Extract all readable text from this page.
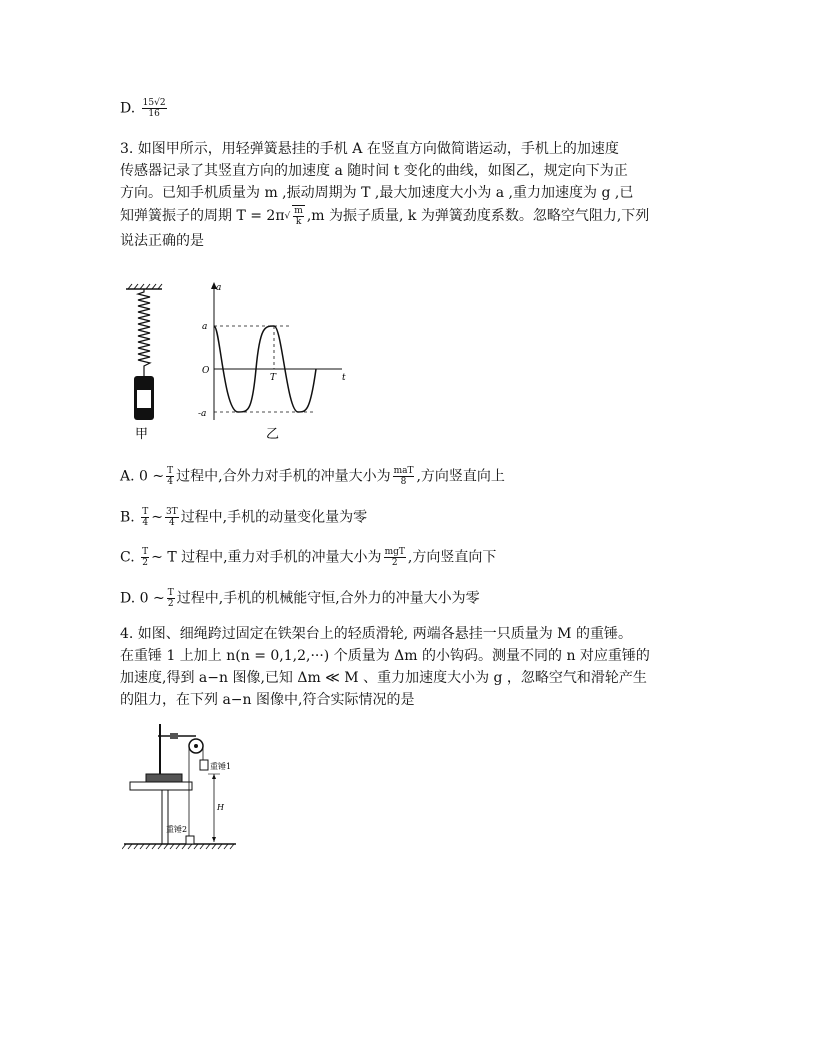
D. $\frac{15√2}{16}$
3. 如图甲所示，用轻弹簧悬挂的手机 A 在竖直方向做简谐运动，手机上的加速度
传感器记录了其竖直方向的加速度 a 随时间 t 变化的曲线，如图乙，规定向下为正
方向。已知手机质量为 m ,振动周期为 T ,最大加速度大小为 a ,重力加速度为 g ,已
知弹簧振子的周期 $T = 2\pi√ \frac{m}{k} ,m$ 为振子质量, k 为弹簧劲度系数。忽略空气阻力,下列
说法正确的是
甲
a
t
a
O
-a
T
乙
A. 0 ~ $\frac{T}{4}$ 过程中,合外力对手机的冲量大小为 $\frac{\text{maT}}{8}$ ,方向竖直向上
B. $\frac{T}{4}$ ~ $\frac{3T}{4}$ 过程中,手机的动量变化量为零
C. $\frac{T}{2}$ ~ T 过程中,重力对手机的冲量大小为 $\frac{\text{mgT}}{2}$ ,方向竖直向下
D. 0 ~ $\frac{T}{2}$ 过程中,手机的机械能守恒,合外力的冲量大小为零
4. 如图、细绳跨过固定在铁架台上的轻质滑轮, 两端各悬挂一只质量为 M 的重锤。
在重锤 1 上加上 n(n = 0,1,2,···) 个质量为 Δm 的小钩码。测量不同的 n 对应重锤的
加速度,得到 a−n 图像,已知 Δm ≪ M 、重力加速度大小为 g ，忽略空气和滑轮产生
的阻力，在下列 a−n 图像中,符合实际情况的是
重锤1
H
重锤2
